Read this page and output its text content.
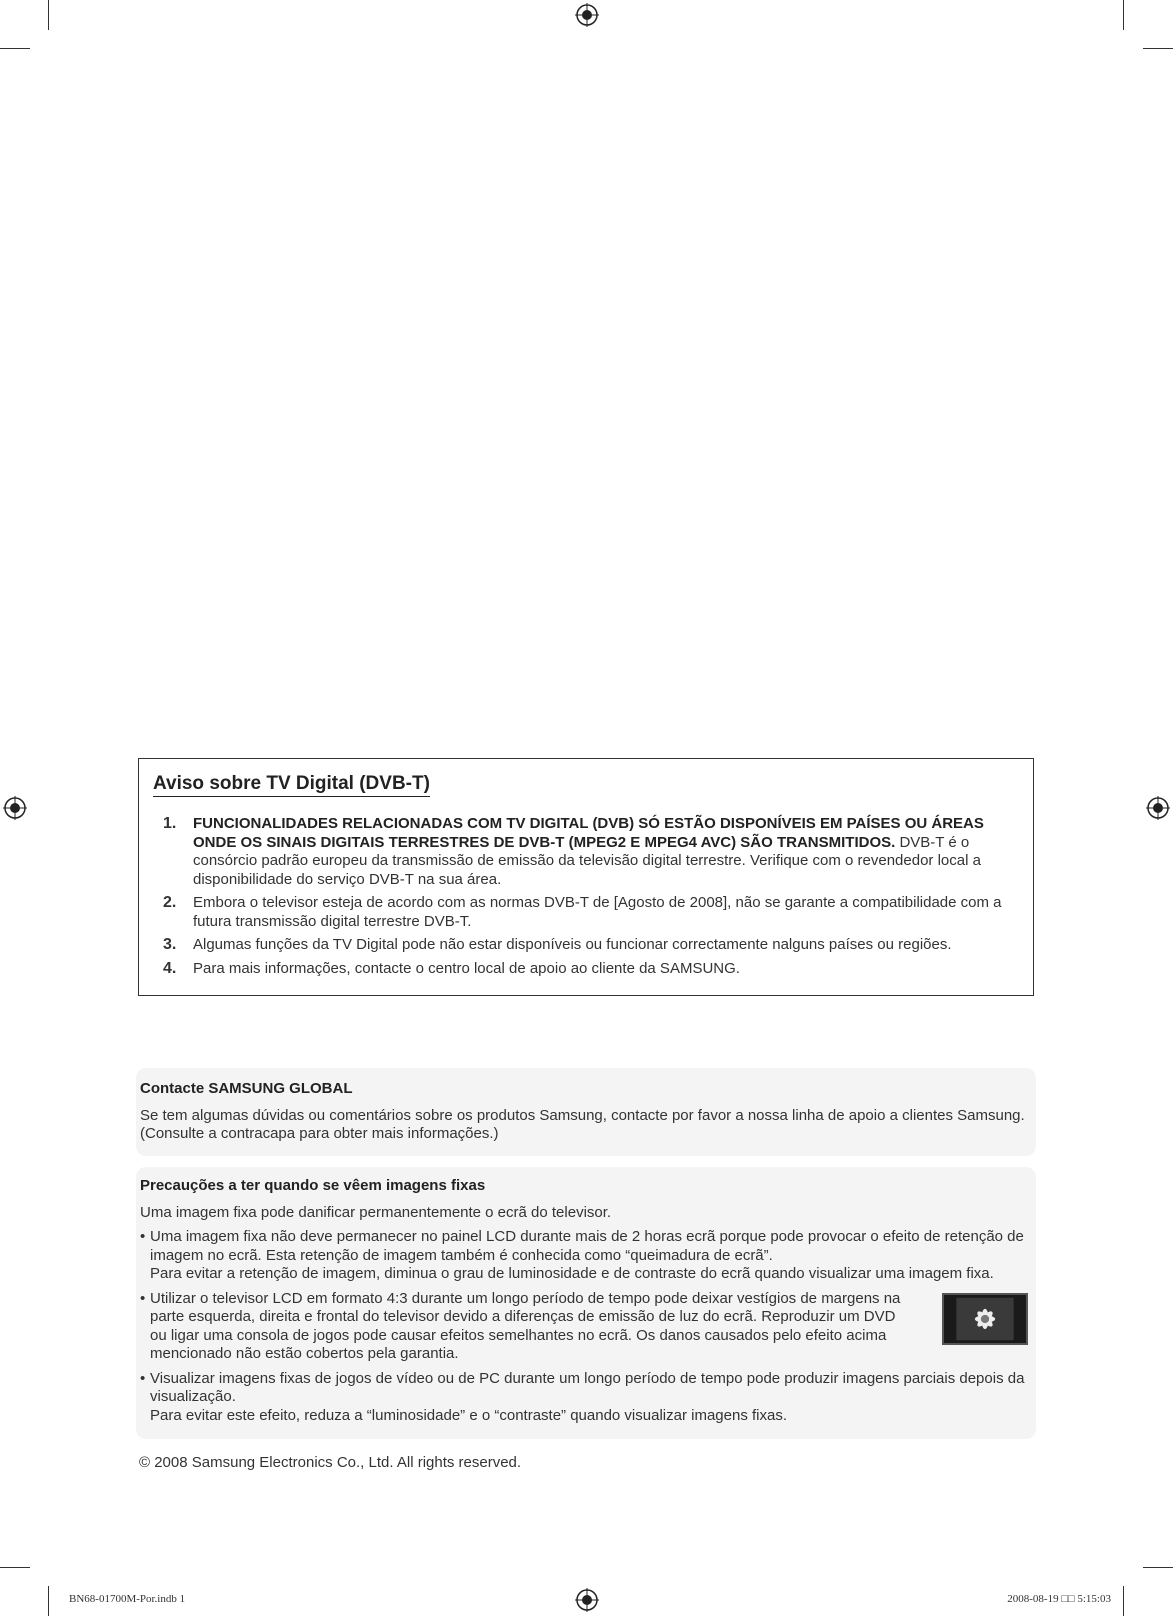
Aviso sobre TV Digital (DVB-T)
1. FUNCIONALIDADES RELACIONADAS COM TV DIGITAL (DVB) SÓ ESTÃO DISPONÍVEIS EM PAÍSES OU ÁREAS ONDE OS SINAIS DIGITAIS TERRESTRES DE DVB-T (MPEG2 E MPEG4 AVC) SÃO TRANSMITIDOS. DVB-T é o consórcio padrão europeu da transmissão de emissão da televisão digital terrestre. Verifique com o revendedor local a disponibilidade do serviço DVB-T na sua área.
2. Embora o televisor esteja de acordo com as normas DVB-T de [Agosto de 2008], não se garante a compatibilidade com a futura transmissão digital terrestre DVB-T.
3. Algumas funções da TV Digital pode não estar disponíveis ou funcionar correctamente nalguns países ou regiões.
4. Para mais informações, contacte o centro local de apoio ao cliente da SAMSUNG.
Contacte SAMSUNG GLOBAL

Se tem algumas dúvidas ou comentários sobre os produtos Samsung, contacte por favor a nossa linha de apoio a clientes Samsung. (Consulte a contracapa para obter mais informações.)

Precauções a ter quando se vêem imagens fixas

Uma imagem fixa pode danificar permanentemente o ecrã do televisor.

• Uma imagem fixa não deve permanecer no painel LCD durante mais de 2 horas ecrã porque pode provocar o efeito de retenção de imagem no ecrã. Esta retenção de imagem também é conhecida como “queimadura de ecrã”.
Para evitar a retenção de imagem, diminua o grau de luminosidade e de contraste do ecrã quando visualizar uma imagem fixa.
• Utilizar o televisor LCD em formato 4:3 durante um longo período de tempo pode deixar vestígios de margens na parte esquerda, direita e frontal do televisor devido a diferenças de emissão de luz do ecrã. Reproduzir um DVD ou ligar uma consola de jogos pode causar efeitos semelhantes no ecrã. Os danos causados pelo efeito acima mencionado não estão cobertos pela garantia.
• Visualizar imagens fixas de jogos de vídeo ou de PC durante um longo período de tempo pode produzir imagens parciais depois da visualização.
Para evitar este efeito, reduza a “luminosidade” e o “contraste” quando visualizar imagens fixas.
© 2008 Samsung Electronics Co., Ltd. All rights reserved.
BN68-01700M-Por.indb 1	2008-08-19 □□ 5:15:03
